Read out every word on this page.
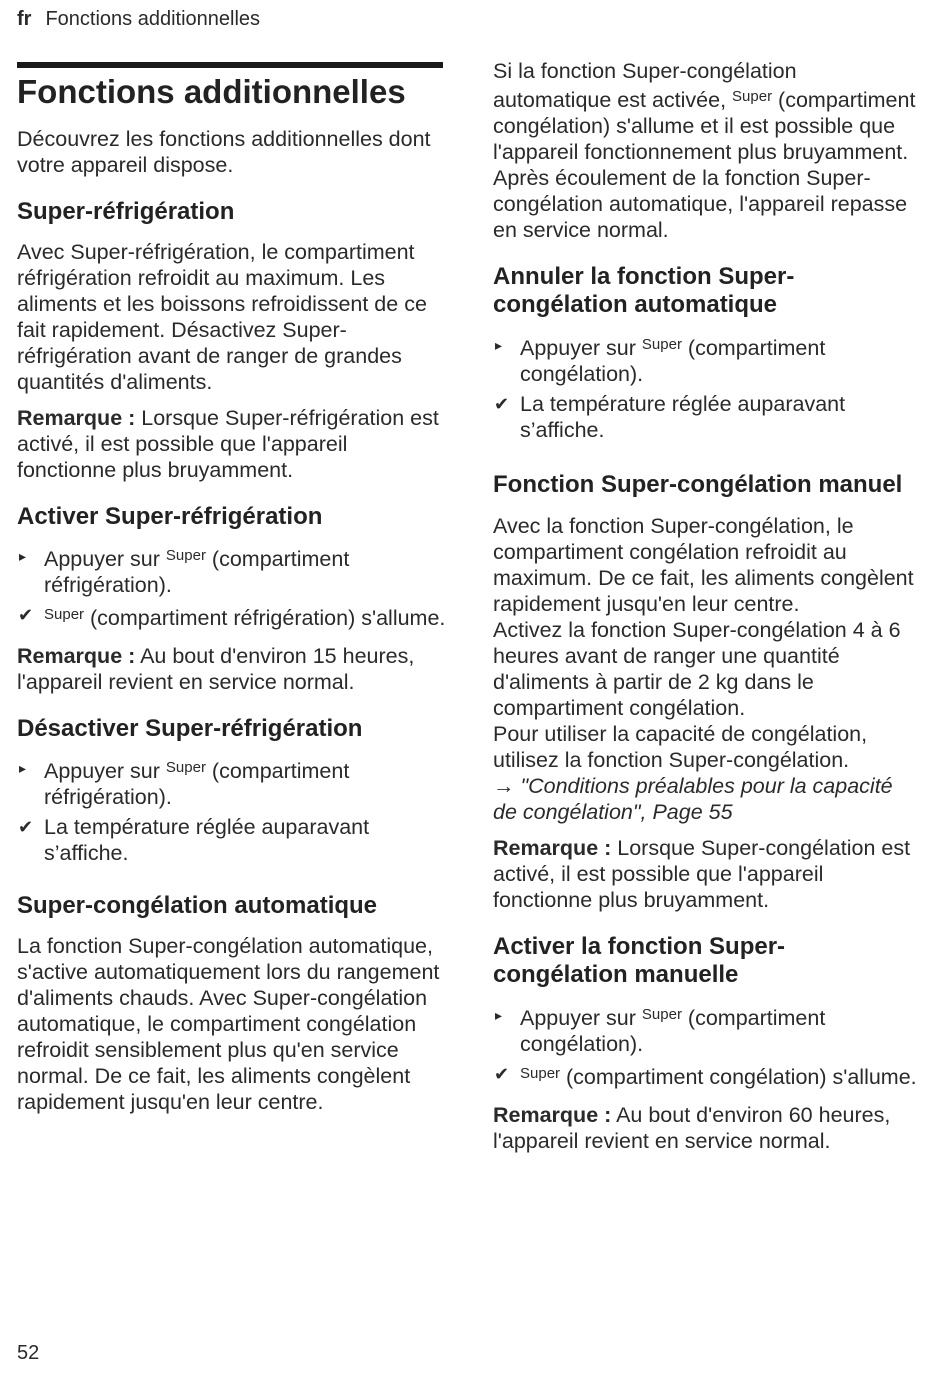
fr Fonctions additionnelles
Fonctions additionnelles

Découvrez les fonctions additionnelles dont votre appareil dispose.

Super-réfrigération

Avec Super-réfrigération, le compartiment réfrigération refroidit au maximum. Les aliments et les boissons refroidissent de ce fait rapidement. Désactivez Super-réfrigération avant de ranger de grandes quantités d'aliments.

Remarque : Lorsque Super-réfrigération est activé, il est possible que l'appareil fonctionne plus bruyamment.

Activer Super-réfrigération
▸ Appuyer sur $^{Super}$ (compartiment réfrigération).
✔ $^{Super}$ (compartiment réfrigération) s'allume.

Remarque : Au bout d'environ 15 heures, l'appareil revient en service normal.

Désactiver Super-réfrigération
▸ Appuyer sur $^{Super}$ (compartiment réfrigération).
✔ La température réglée auparavant s’affiche.
Super-congélation automatique

La fonction Super-congélation automatique, s'active automatiquement lors du rangement d'aliments chauds. Avec Super-congélation automatique, le compartiment congélation refroidit sensiblement plus qu'en service normal. De ce fait, les aliments congèlent rapidement jusqu'en leur centre.

Si la fonction Super-congélation automatique est activée, $^{Super}$ (compartiment congélation) s'allume et il est possible que l'appareil fonctionnement plus bruyamment.

Après écoulement de la fonction Super-congélation automatique, l'appareil repasse en service normal.

Annuler la fonction Super-congélation automatique
▸ Appuyer sur $^{Super}$ (compartiment congélation).
✔ La température réglée auparavant s’affiche.
Fonction Super-congélation manuel

Avec la fonction Super-congélation, le compartiment congélation refroidit au maximum. De ce fait, les aliments congèlent rapidement jusqu'en leur centre.

Activez la fonction Super-congélation 4 à 6 heures avant de ranger une quantité d'aliments à partir de 2 kg dans le compartiment congélation.

Pour utiliser la capacité de congélation, utilisez la fonction Super-congélation.

→ "Conditions préalables pour la capacité de congélation", Page 55

Remarque : Lorsque Super-congélation est activé, il est possible que l'appareil fonctionne plus bruyamment.

Activer la fonction Super-congélation manuelle
▸ Appuyer sur $^{Super}$ (compartiment congélation).
✔ $^{Super}$ (compartiment congélation) s'allume.

Remarque : Au bout d'environ 60 heures, l'appareil revient en service normal.

52
